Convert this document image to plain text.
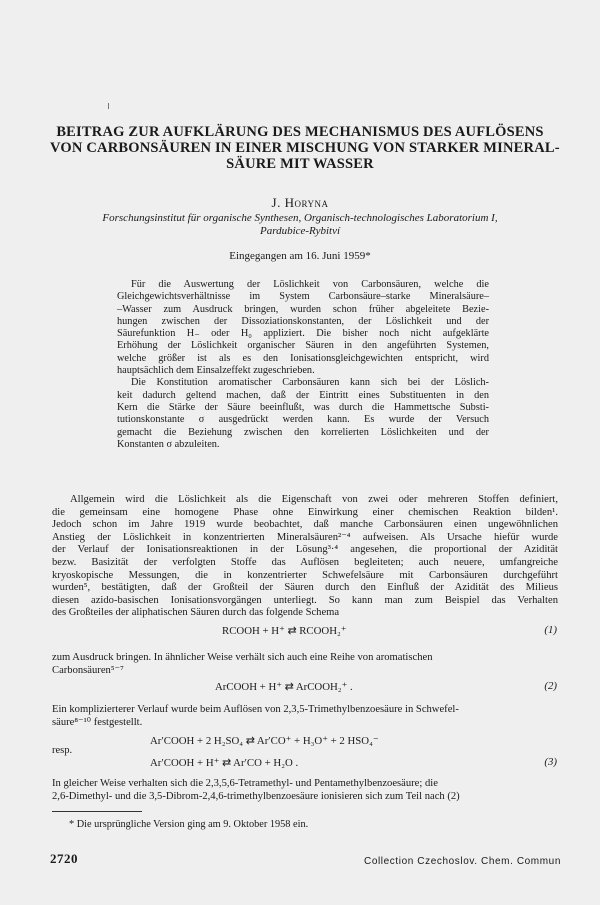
BEITRAG ZUR AUFKLÄRUNG DES MECHANISMUS DES AUFLÖSENS
VON CARBONSÄUREN IN EINER MISCHUNG VON STARKER MINERAL-
SÄURE MIT WASSER
J. Horyna
Forschungsinstitut für organische Synthesen, Organisch-technologisches Laboratorium I,
Pardubice-Rybitví
Eingegangen am 16. Juni 1959*
Für die Auswertung der Löslichkeit von Carbonsäuren, welche die
Gleichgewichtsverhältnisse im System Carbonsäure–starke Mineralsäure–
–Wasser zum Ausdruck bringen, wurden schon früher abgeleitete Bezie-
hungen zwischen der Dissoziationskonstanten, der Löslichkeit und der
Säurefunktion H₋ oder H₀ appliziert. Die bisher noch nicht aufgeklärte
Erhöhung der Löslichkeit organischer Säuren in den angeführten Systemen,
welche größer ist als es den Ionisationsgleichgewichten entspricht, wird
hauptsächlich dem Einsalzeffekt zugeschrieben.
Die Konstitution aromatischer Carbonsäuren kann sich bei der Löslich-
keit dadurch geltend machen, daß der Eintritt eines Substituenten in den
Kern die Stärke der Säure beeinflußt, was durch die Hammettsche Substi-
tutionskonstante σ ausgedrückt werden kann. Es wurde der Versuch
gemacht die Beziehung zwischen den korrelierten Löslichkeiten und der
Konstanten σ abzuleiten.
Allgemein wird die Löslichkeit als die Eigenschaft von zwei oder mehreren Stoffen definiert,
die gemeinsam eine homogene Phase ohne Einwirkung einer chemischen Reaktion bilden¹.
Jedoch schon im Jahre 1919 wurde beobachtet, daß manche Carbonsäuren einen ungewöhnlichen
Anstieg der Löslichkeit in konzentrierten Mineralsäuren²⁻⁴ aufweisen. Als Ursache hiefür wurde
der Verlauf der Ionisationsreaktionen in der Lösung³·⁴ angesehen, die proportional der Azidität
bezw. Basizität der verfolgten Stoffe das Auflösen begleiteten; auch neuere, umfangreiche
kryoskopische Messungen, die in konzentrierter Schwefelsäure mit Carbonsäuren durchgeführt
wurden⁵, bestätigten, daß der Großteil der Säuren durch den Einfluß der Azidität des Milieus
diesen azido-basischen Ionisationsvorgängen unterliegt. So kann man zum Beispiel das Verhalten
des Großteiles der aliphatischen Säuren durch das folgende Schema
RCOOH + H⁺ ⇄ RCOOH₂⁺	(1)
zum Ausdruck bringen. In ähnlicher Weise verhält sich auch eine Reihe von aromatischen
Carbonsäuren⁵⁻⁷
ArCOOH + H⁺ ⇄ ArCOOH₂⁺ .	(2)
Ein komplizierterer Verlauf wurde beim Auflösen von 2,3,5-Trimethylbenzoesäure in Schwefel-
säure⁸⁻¹⁰ festgestellt.
Ar′COOH + 2 H₂SO₄ ⇄ Ar′CO⁺ + H₃O⁺ + 2 HSO₄⁻
resp.
Ar′COOH + H⁺ ⇄ Ar′CO + H₂O .	(3)
In gleicher Weise verhalten sich die 2,3,5,6-Tetramethyl- und Pentamethylbenzoesäure; die
2,6-Dimethyl- und die 3,5-Dibrom-2,4,6-trimethylbenzoesäure ionisieren sich zum Teil nach (2)
* Die ursprüngliche Version ging am 9. Oktober 1958 ein.
2720	Collection Czechoslov. Chem. Commun
